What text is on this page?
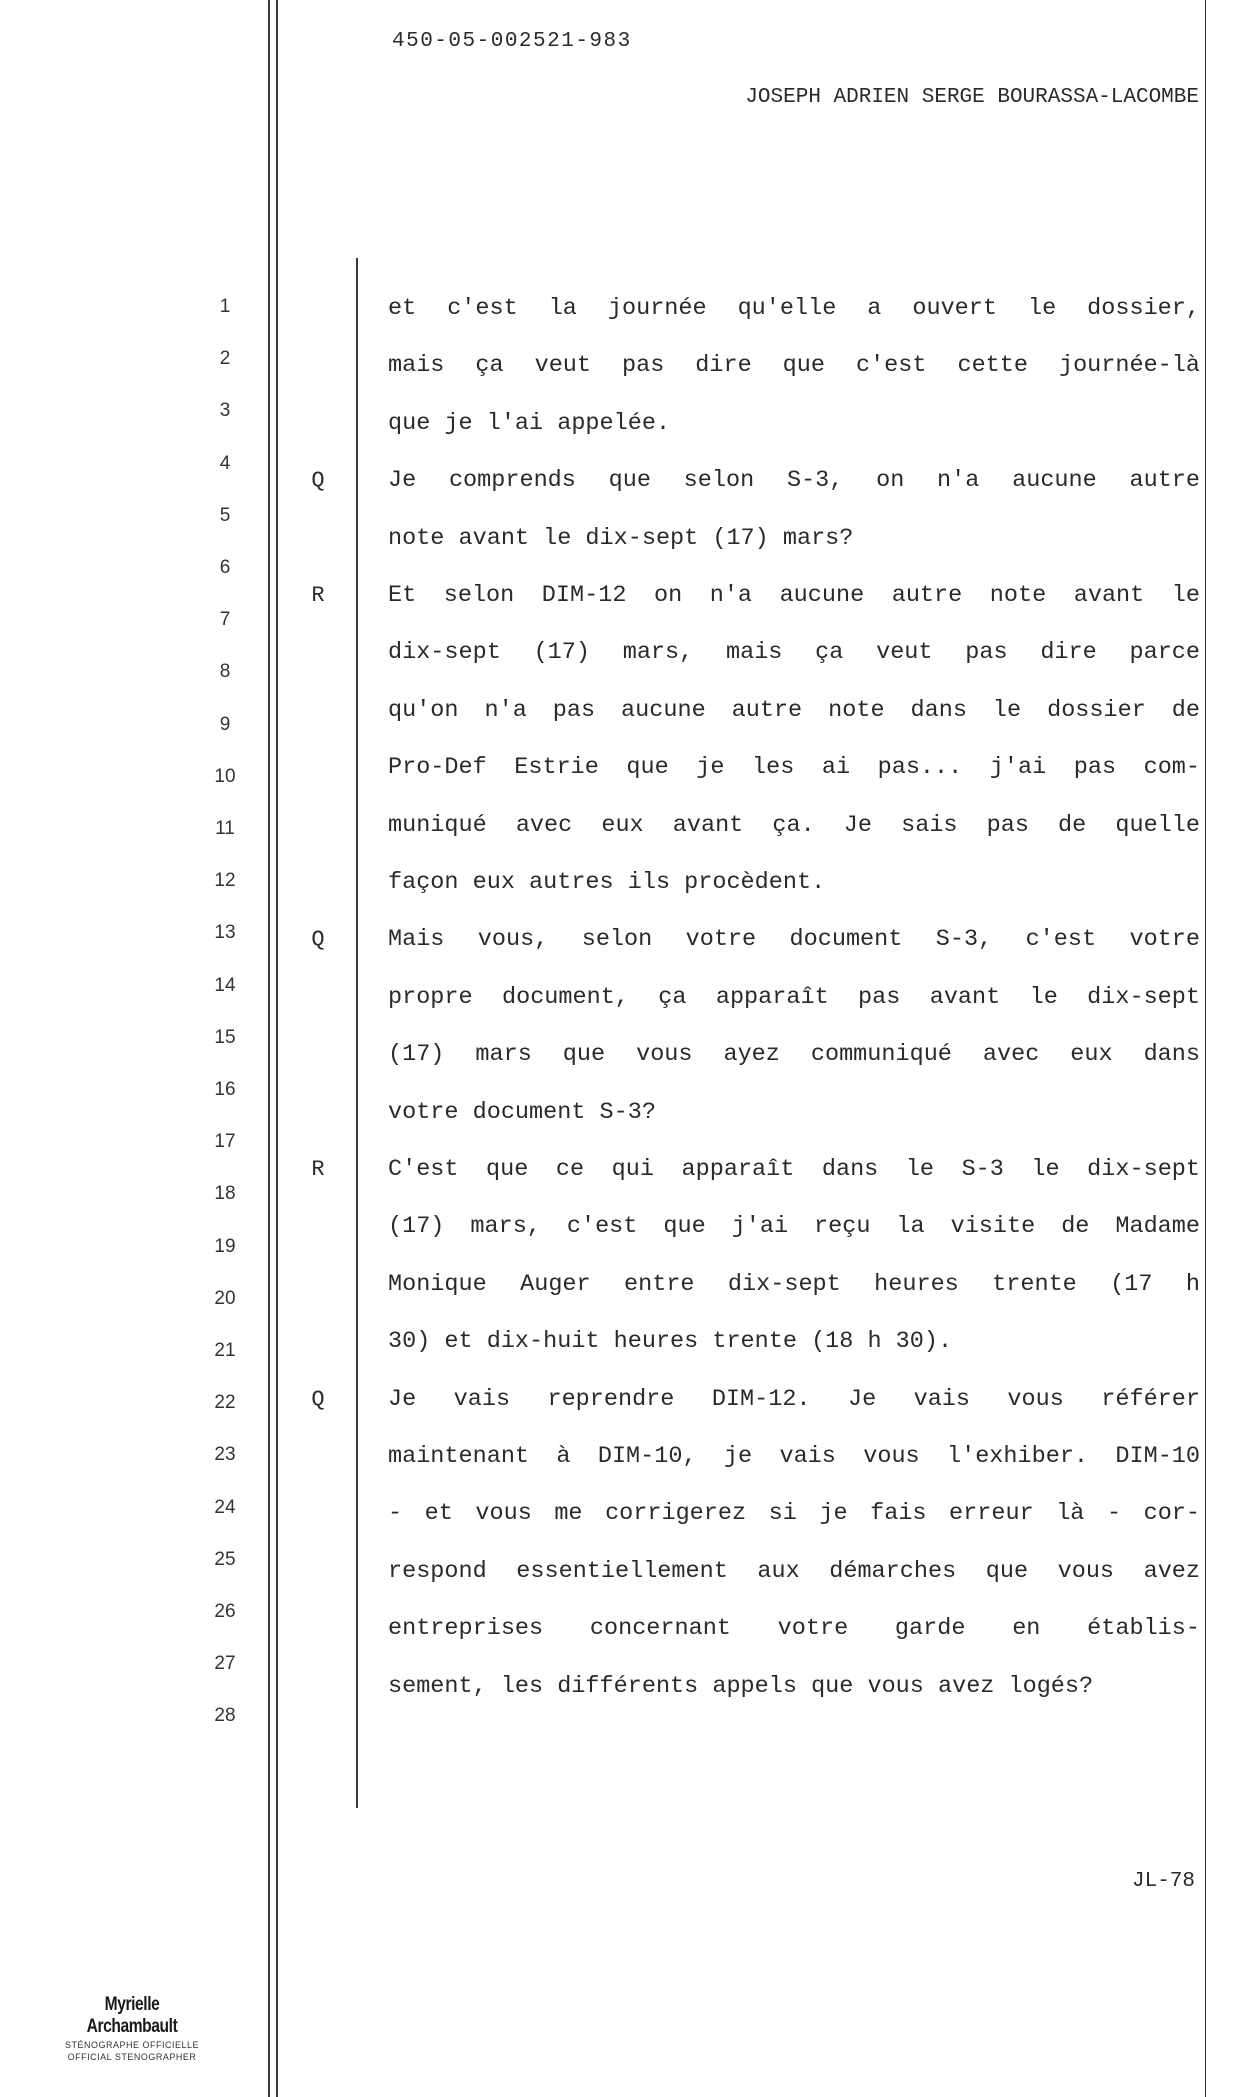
450-05-002521-983
JOSEPH ADRIEN SERGE BOURASSA-LACOMBE
1
2
3
4
5
6
7
8
9
10
11
12
13
14
15
16
17
18
19
20
21
22
23
24
25
26
27
28
et c'est la journée qu'elle a ouvert le dossier,
mais ça veut pas dire que c'est cette journée-là
que je l'ai appelée.
Q	Je comprends que selon S-3, on n'a aucune autre
note avant le dix-sept (17) mars?
R	Et selon DIM-12 on n'a aucune autre note avant le
dix-sept (17) mars, mais ça veut pas dire parce
qu'on n'a pas aucune autre note dans le dossier de
Pro-Def Estrie que je les ai pas... j'ai pas com-
muniqué avec eux avant ça. Je sais pas de quelle
façon eux autres ils procèdent.
Q	Mais vous, selon votre document S-3, c'est votre
propre document, ça apparaît pas avant le dix-sept
(17) mars que vous ayez communiqué avec eux dans
votre document S-3?
R	C'est que ce qui apparaît dans le S-3 le dix-sept
(17) mars, c'est que j'ai reçu la visite de Madame
Monique Auger entre dix-sept heures trente (17 h
30) et dix-huit heures trente (18 h 30).
Q	Je vais reprendre DIM-12. Je vais vous référer
maintenant à DIM-10, je vais vous l'exhiber. DIM-10
- et vous me corrigerez si je fais erreur là - cor-
respond essentiellement aux démarches que vous avez
entreprises concernant votre garde en établis-
sement, les différents appels que vous avez logés?
JL-78
Myrielle Archambault
STÉNOGRAPHE OFFICIELLE
OFFICIAL STENOGRAPHER
